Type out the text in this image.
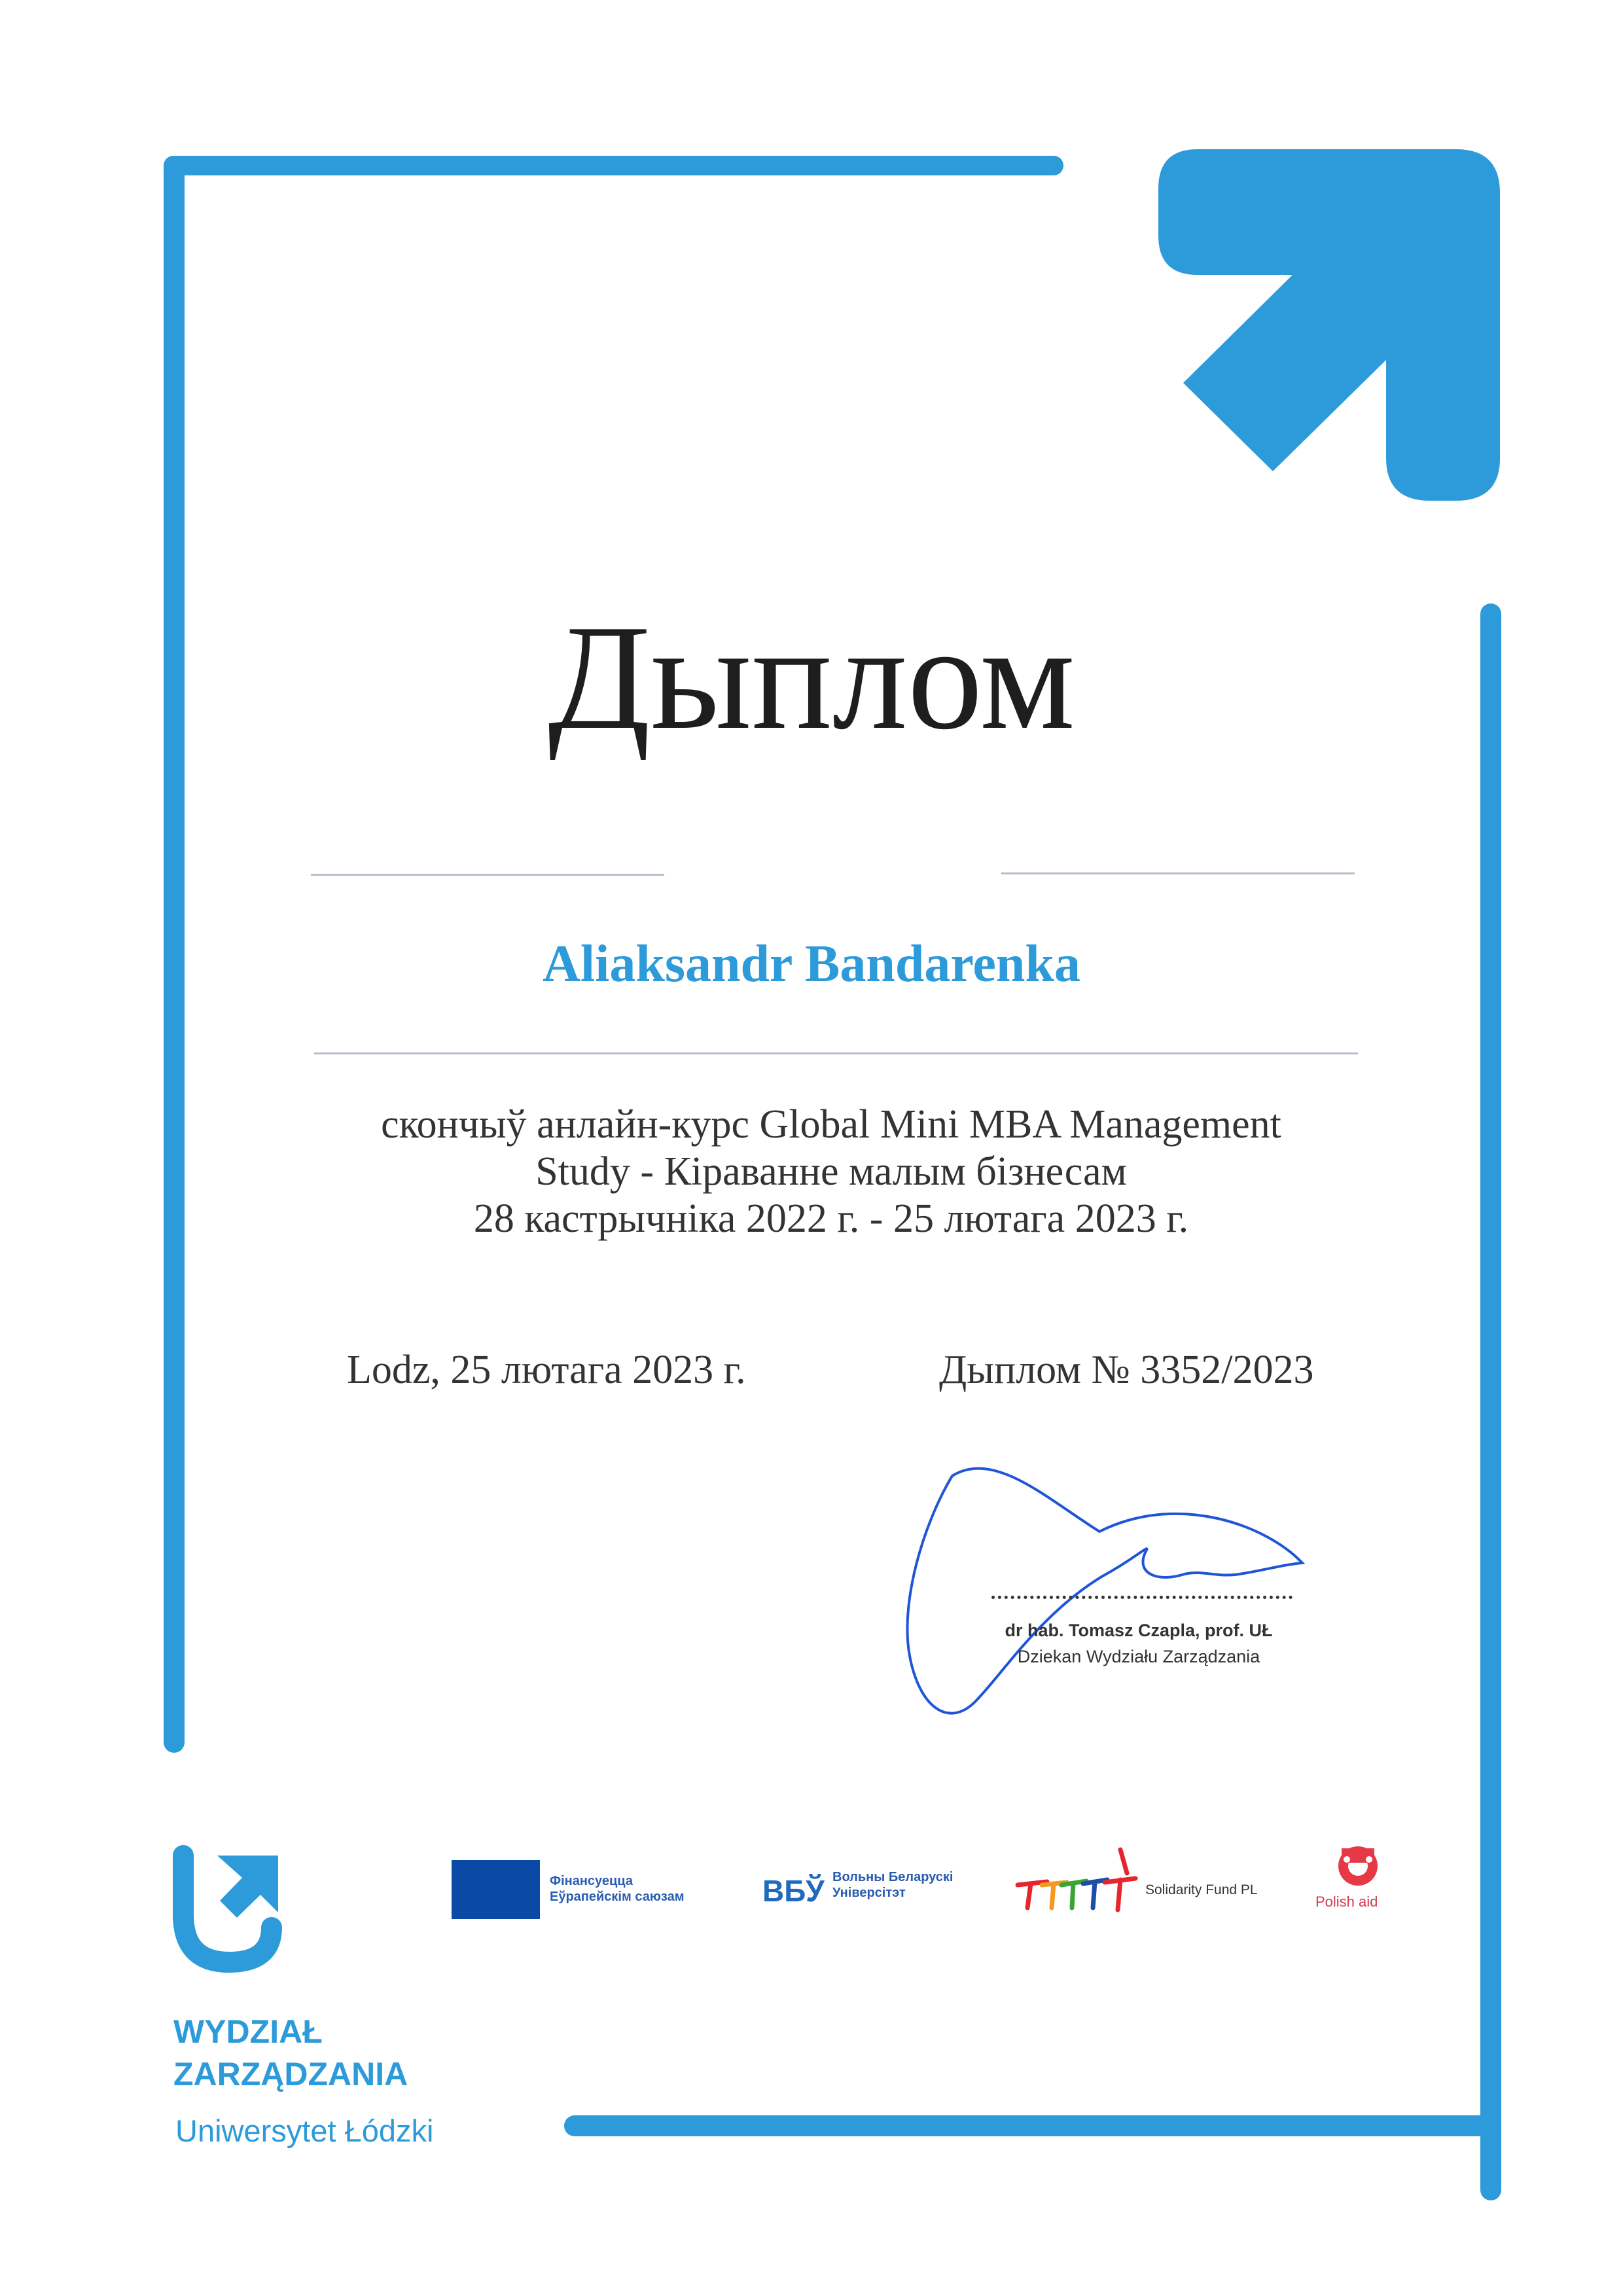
Дыплом
Aliaksandr Bandarenka
скончыў анлайн-курс Global Mini MBA Management
Study - Кіраванне малым бізнесам
28 кастрычніка 2022 г. - 25 лютага 2023 г.
Lodz, 25 лютага 2023 г.	Дыплом № 3352/2023
dr hab. Tomasz Czapla, prof. UŁ
Dziekan Wydziału Zarządzania
WYDZIAŁ
ZARZĄDZANIA
Uniwersytet Łódzki
Фінансуецца
Еўрапейскім саюзам	ВБЎ Вольны Беларускі
Універсітэт	Solidarity Fund PL
Polish aid
